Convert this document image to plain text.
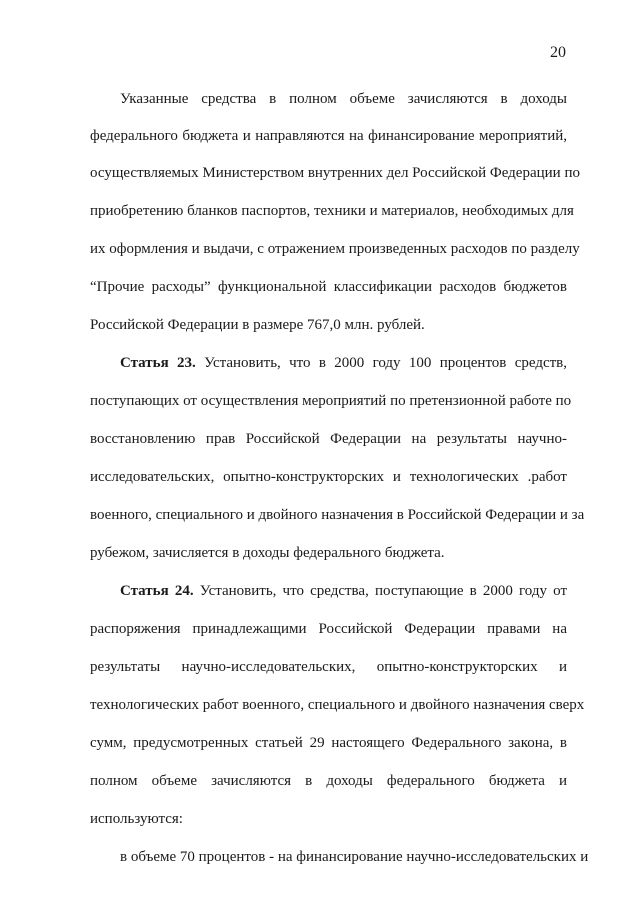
20
Указанные средства в полном объеме зачисляются в доходы
федерального бюджета и направляются на финансирование мероприятий,
осуществляемых Министерством внутренних дел Российской Федерации по
приобретению бланков паспортов, техники и материалов, необходимых для
их оформления и выдачи, с отражением произведенных расходов по разделу
“Прочие расходы” функциональной классификации расходов бюджетов
Российской Федерации в размере 767,0 млн. рублей.
Статья 23. Установить, что в 2000 году 100 процентов средств,
поступающих от осуществления мероприятий по претензионной работе по
восстановлению прав Российской Федерации на результаты научно-
исследовательских, опытно-конструкторских и технологических .работ
военного, специального и двойного назначения в Российской Федерации и за
рубежом, зачисляется в доходы федерального бюджета.
Статья 24. Установить, что средства, поступающие в 2000 году от
распоряжения принадлежащими Российской Федерации правами на
результаты научно-исследовательских, опытно-конструкторских и
технологических работ военного, специального и двойного назначения сверх
сумм, предусмотренных статьей 29 настоящего Федерального закона, в
полном объеме зачисляются в доходы федерального бюджета и
используются:
в объеме 70 процентов - на финансирование научно-исследовательских и
